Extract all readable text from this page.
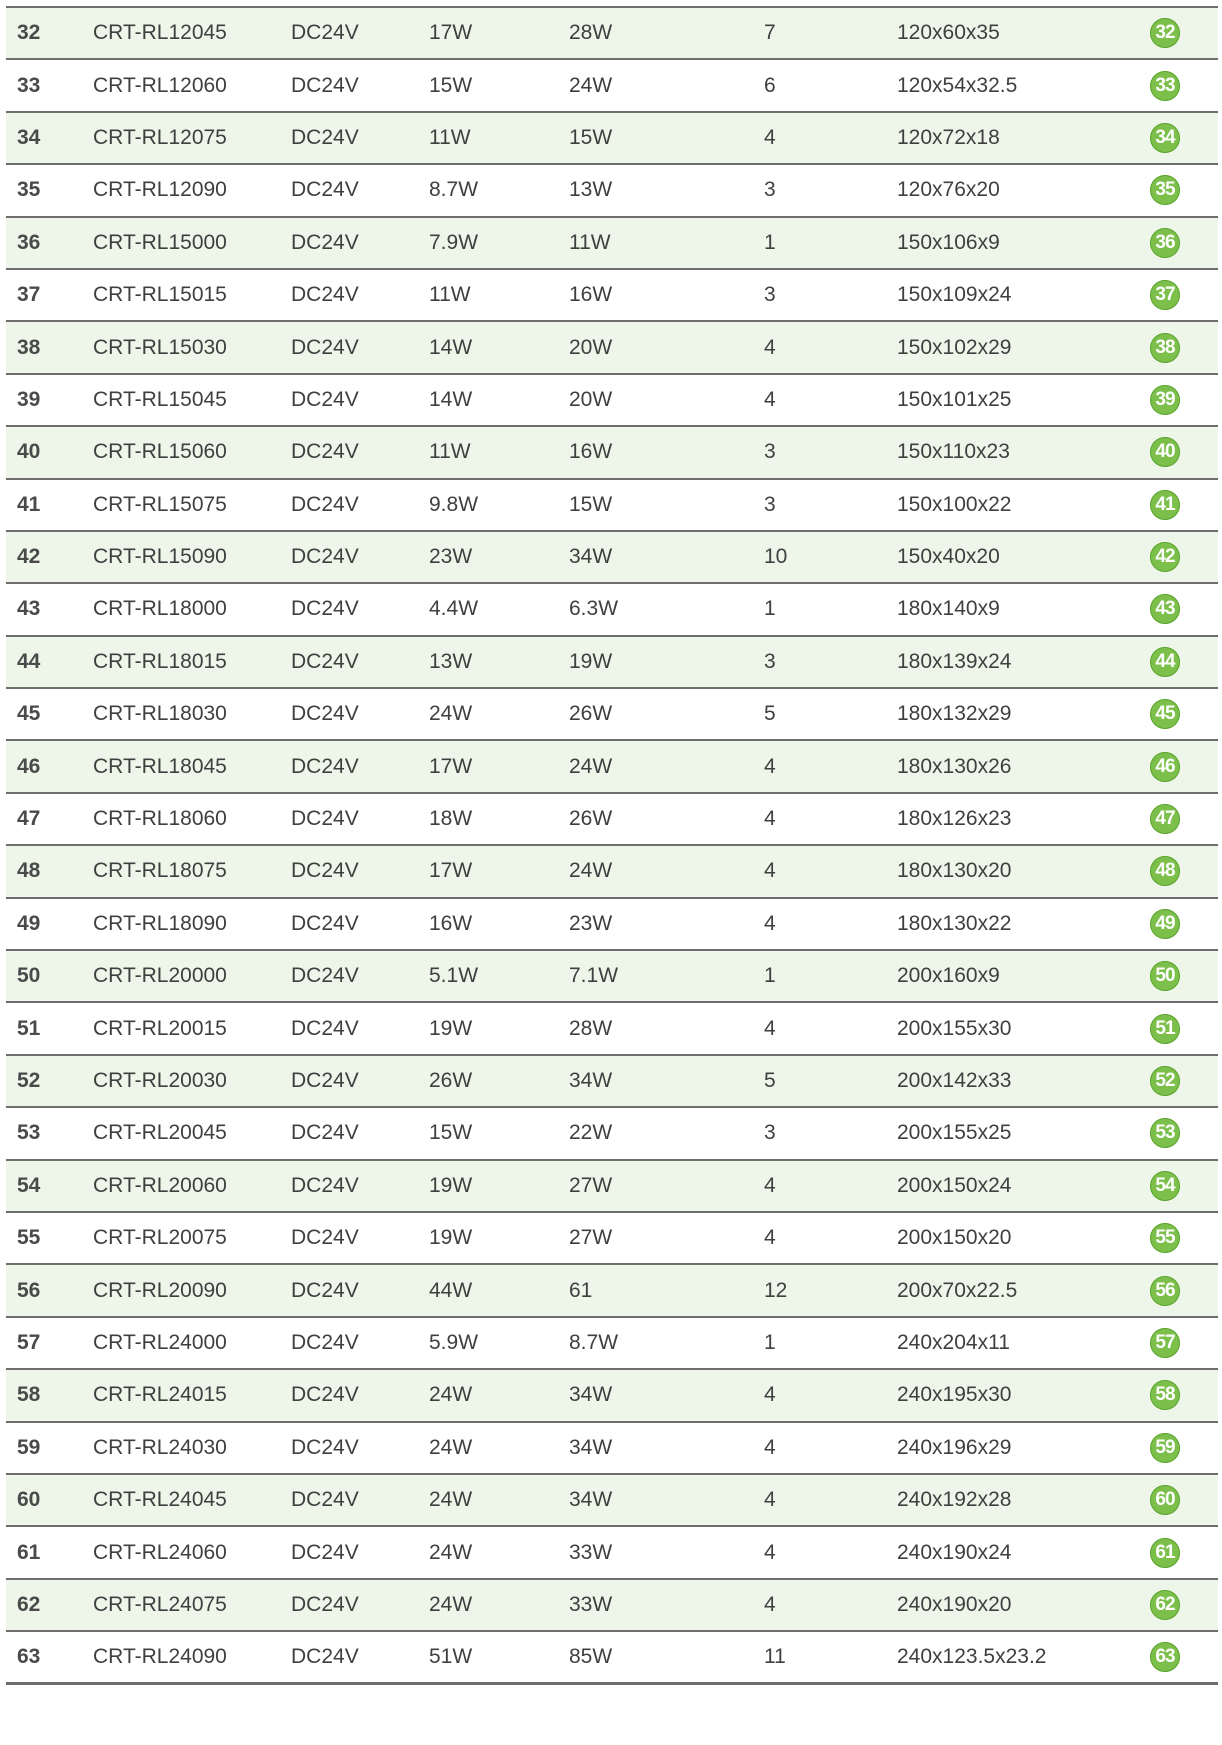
32	CRT-RL12045	DC24V	17W	28W	7	120x60x35	32
33	CRT-RL12060	DC24V	15W	24W	6	120x54x32.5	33
34	CRT-RL12075	DC24V	11W	15W	4	120x72x18	34
35	CRT-RL12090	DC24V	8.7W	13W	3	120x76x20	35
36	CRT-RL15000	DC24V	7.9W	11W	1	150x106x9	36
37	CRT-RL15015	DC24V	11W	16W	3	150x109x24	37
38	CRT-RL15030	DC24V	14W	20W	4	150x102x29	38
39	CRT-RL15045	DC24V	14W	20W	4	150x101x25	39
40	CRT-RL15060	DC24V	11W	16W	3	150x110x23	40
41	CRT-RL15075	DC24V	9.8W	15W	3	150x100x22	41
42	CRT-RL15090	DC24V	23W	34W	10	150x40x20	42
43	CRT-RL18000	DC24V	4.4W	6.3W	1	180x140x9	43
44	CRT-RL18015	DC24V	13W	19W	3	180x139x24	44
45	CRT-RL18030	DC24V	24W	26W	5	180x132x29	45
46	CRT-RL18045	DC24V	17W	24W	4	180x130x26	46
47	CRT-RL18060	DC24V	18W	26W	4	180x126x23	47
48	CRT-RL18075	DC24V	17W	24W	4	180x130x20	48
49	CRT-RL18090	DC24V	16W	23W	4	180x130x22	49
50	CRT-RL20000	DC24V	5.1W	7.1W	1	200x160x9	50
51	CRT-RL20015	DC24V	19W	28W	4	200x155x30	51
52	CRT-RL20030	DC24V	26W	34W	5	200x142x33	52
53	CRT-RL20045	DC24V	15W	22W	3	200x155x25	53
54	CRT-RL20060	DC24V	19W	27W	4	200x150x24	54
55	CRT-RL20075	DC24V	19W	27W	4	200x150x20	55
56	CRT-RL20090	DC24V	44W	61	12	200x70x22.5	56
57	CRT-RL24000	DC24V	5.9W	8.7W	1	240x204x11	57
58	CRT-RL24015	DC24V	24W	34W	4	240x195x30	58
59	CRT-RL24030	DC24V	24W	34W	4	240x196x29	59
60	CRT-RL24045	DC24V	24W	34W	4	240x192x28	60
61	CRT-RL24060	DC24V	24W	33W	4	240x190x24	61
62	CRT-RL24075	DC24V	24W	33W	4	240x190x20	62
63	CRT-RL24090	DC24V	51W	85W	11	240x123.5x23.2	63
